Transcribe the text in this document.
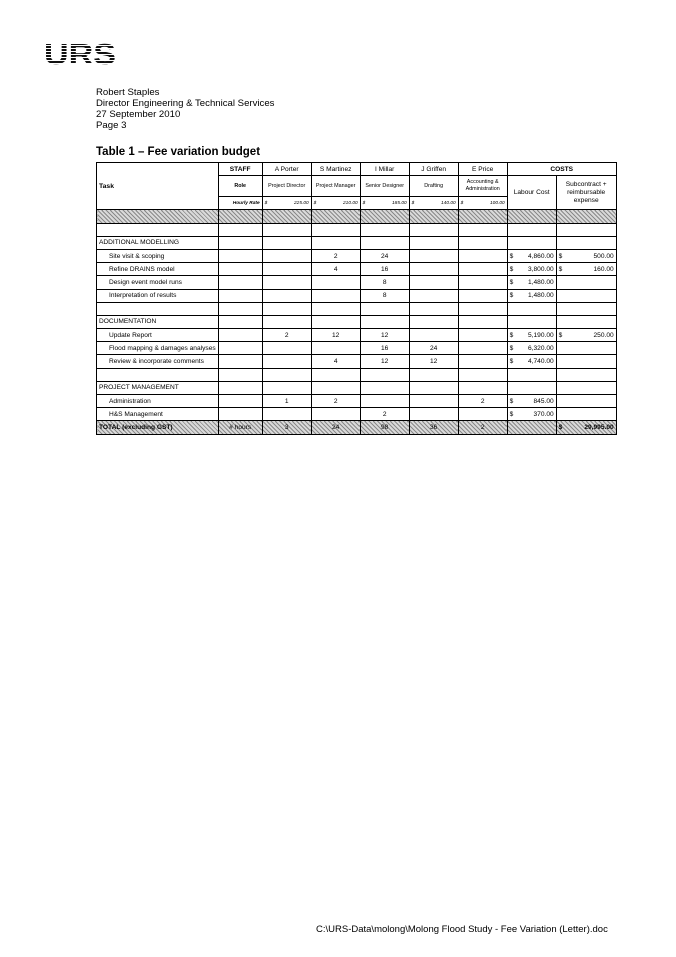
URS
Robert Staples
Director Engineering & Technical Services
27 September 2010
Page 3
Table 1 – Fee variation budget
Task	STAFF	A Porter	S Martinez	I Millar	J Griffen	E Price	COSTS	
	Role	Project Director	Project Manager	Senior Designer	Drafting	Accounting & Administration	Labour Cost	Subcontract + reimbursable expense
	Hourly Rate	$ 225.00	$ 210.00	$ 185.00	$ 140.00	$ 100.00		

ADDITIONAL MODELLING								
Site visit & scoping			2	24			$ 4,860.00	$ 500.00

Refine DRAINS model			4	16			$ 3,800.00	$ 160.00

Design event model runs				8			$ 1,480.00	

Interpretation of results				8			$ 1,480.00	

DOCUMENTATION								
Update Report		2	12	12			$ 5,190.00	$ 250.00

Flood mapping & damages analyses				16	24		$ 6,320.00	

Review & incorporate comments			4	12	12		$ 4,740.00	

PROJECT MANAGEMENT								
Administration		1	2			2	$ 845.00	

H&S Management				2			$ 370.00	

TOTAL (excluding GST)	# hours	3	24	98	36	2		$ 29,995.00
C:\URS-Data\molong\Molong Flood Study - Fee Variation (Letter).doc
